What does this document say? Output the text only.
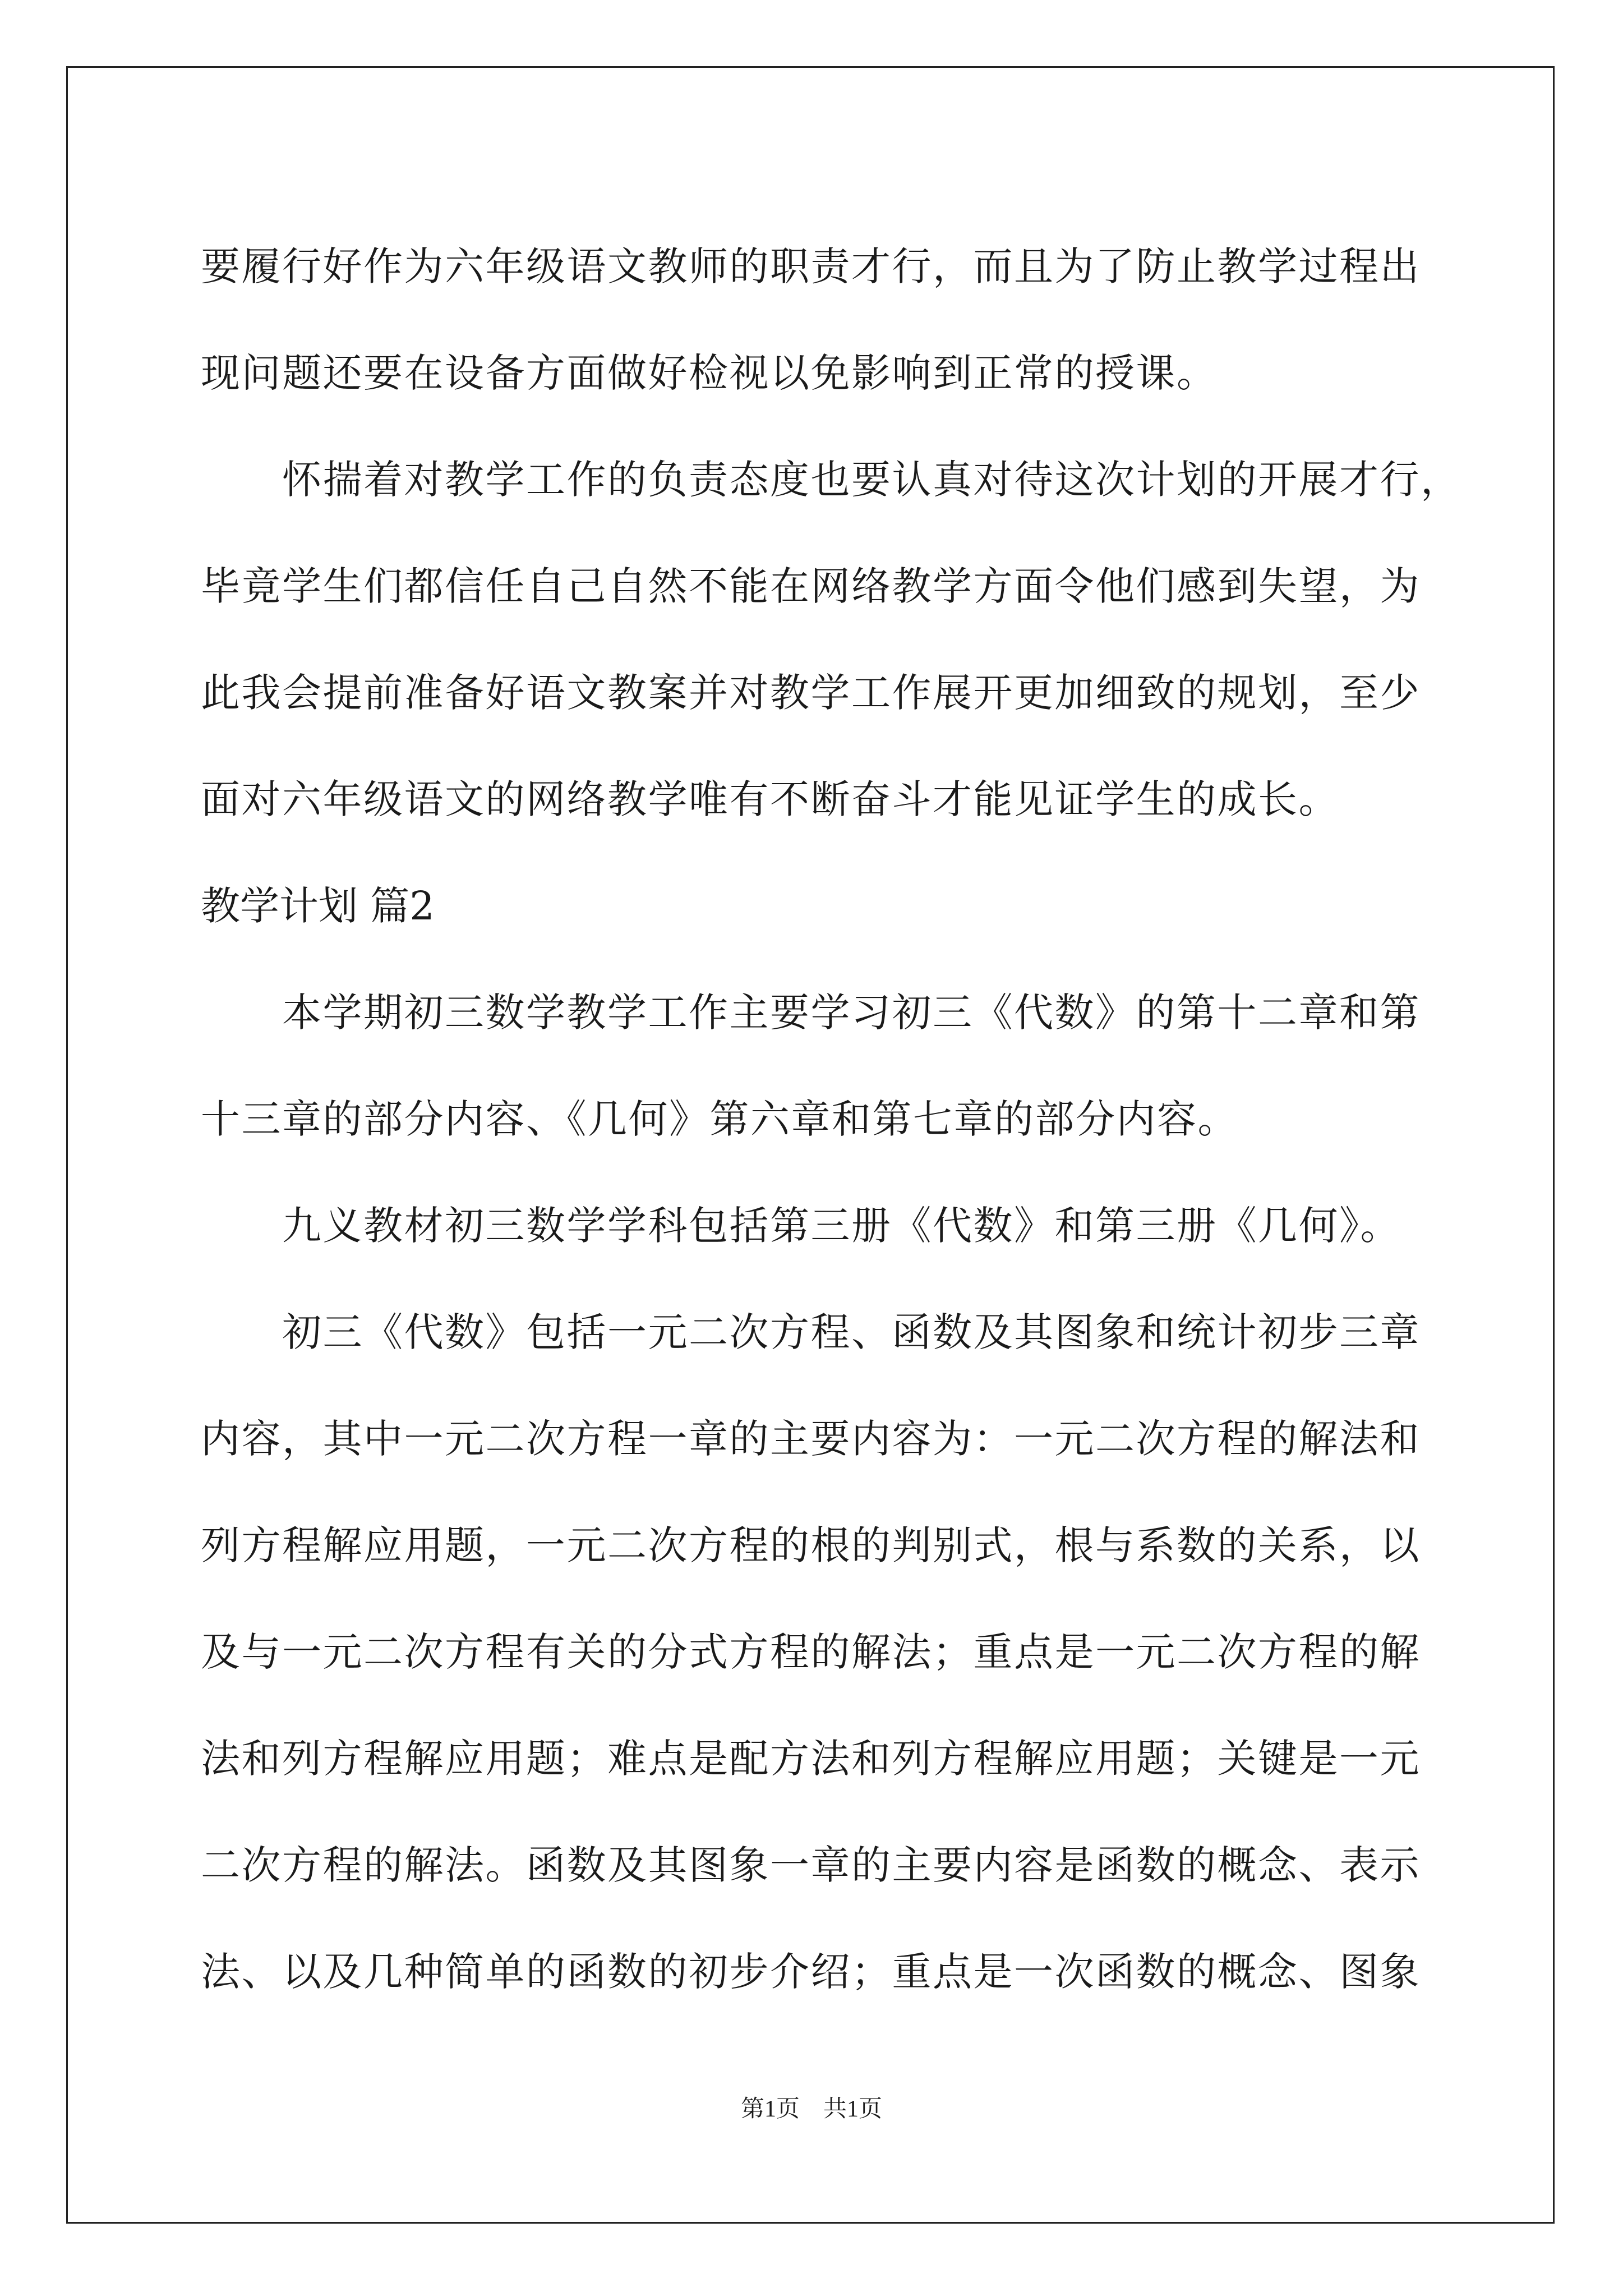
要履行好作为六年级语文教师的职责才行，而且为了防止教学过程出
现问题还要在设备方面做好检视以免影响到正常的授课。
　　怀揣着对教学工作的负责态度也要认真对待这次计划的开展才行，
毕竟学生们都信任自己自然不能在网络教学方面令他们感到失望，为
此我会提前准备好语文教案并对教学工作展开更加细致的规划，至少
面对六年级语文的网络教学唯有不断奋斗才能见证学生的成长。
教学计划 篇2
　　本学期初三数学教学工作主要学习初三《代数》的第十二章和第
十三章的部分内容、《几何》第六章和第七章的部分内容。
　　九义教材初三数学学科包括第三册《代数》和第三册《几何》。
　　初三《代数》包括一元二次方程、函数及其图象和统计初步三章
内容，其中一元二次方程一章的主要内容为：一元二次方程的解法和
列方程解应用题，一元二次方程的根的判别式，根与系数的关系，以
及与一元二次方程有关的分式方程的解法；重点是一元二次方程的解
法和列方程解应用题；难点是配方法和列方程解应用题；关键是一元
二次方程的解法。函数及其图象一章的主要内容是函数的概念、表示
法、以及几种简单的函数的初步介绍；重点是一次函数的概念、图象
第1页　共1页
